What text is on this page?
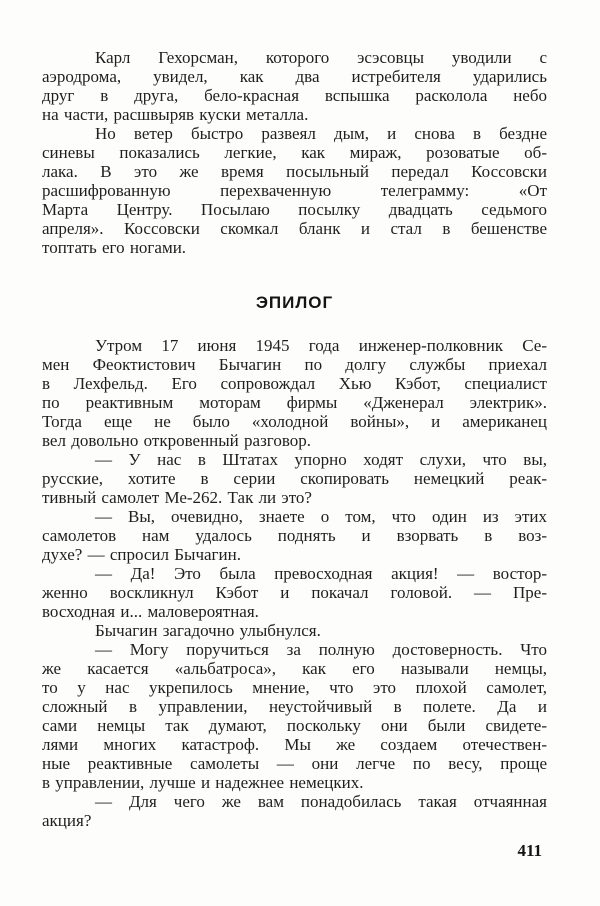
Карл Гехорсман, которого эсэсовцы уводили с
аэродрома, увидел, как два истребителя ударились
друг в друга, бело-красная вспышка расколола небо
на части, расшвыряв куски металла.
Но ветер быстро развеял дым, и снова в бездне
синевы показались легкие, как мираж, розоватые об-
лака. В это же время посыльный передал Коссовски
расшифрованную перехваченную телеграмму: «От
Марта Центру. Посылаю посылку двадцать седьмого
апреля». Коссовски скомкал бланк и стал в бешенстве
топтать его ногами.
ЭПИЛОГ
Утром 17 июня 1945 года инженер-полковник Се-
мен Феоктистович Бычагин по долгу службы приехал
в Лехфельд. Его сопровождал Хью Кэбот, специалист
по реактивным моторам фирмы «Дженерал электрик».
Тогда еще не было «холодной войны», и американец
вел довольно откровенный разговор.
— У нас в Штатах упорно ходят слухи, что вы,
русские, хотите в серии скопировать немецкий реак-
тивный самолет Ме-262. Так ли это?
— Вы, очевидно, знаете о том, что один из этих
самолетов нам удалось поднять и взорвать в воз-
духе? — спросил Бычагин.
— Да! Это была превосходная акция! — востор-
женно воскликнул Кэбот и покачал головой. — Пре-
восходная и... маловероятная.
Бычагин загадочно улыбнулся.
— Могу поручиться за полную достоверность. Что
же касается «альбатроса», как его называли немцы,
то у нас укрепилось мнение, что это плохой самолет,
сложный в управлении, неустойчивый в полете. Да и
сами немцы так думают, поскольку они были свидете-
лями многих катастроф. Мы же создаем отечествен-
ные реактивные самолеты — они легче по весу, проще
в управлении, лучше и надежнее немецких.
— Для чего же вам понадобилась такая отчаянная
акция?
411
